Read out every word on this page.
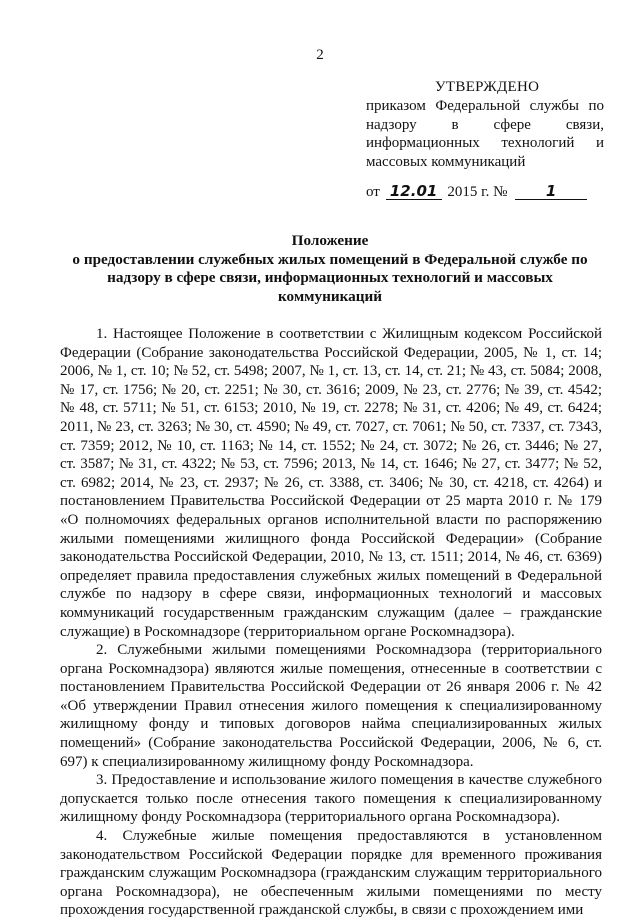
2
УТВЕРЖДЕНО
приказом Федеральной службы по надзору в сфере связи, информационных технологий и массовых коммуникаций
от 12.01 2015 г. №	1
Положение
о предоставлении служебных жилых помещений в Федеральной службе по
надзору в сфере связи, информационных технологий и массовых
коммуникаций

1. Настоящее Положение в соответствии с Жилищным кодексом Российской Федерации (Собрание законодательства Российской Федерации, 2005, № 1, ст. 14; 2006, № 1, ст. 10; № 52, ст. 5498; 2007, № 1, ст. 13, ст. 14, ст. 21; № 43, ст. 5084; 2008, № 17, ст. 1756; № 20, ст. 2251; № 30, ст. 3616; 2009, № 23, ст. 2776; № 39, ст. 4542; № 48, ст. 5711; № 51, ст. 6153; 2010, № 19, ст. 2278; № 31, ст. 4206; № 49, ст. 6424; 2011, № 23, ст. 3263; № 30, ст. 4590; № 49, ст. 7027, ст. 7061; № 50, ст. 7337, ст. 7343, ст. 7359; 2012, № 10, ст. 1163; № 14, ст. 1552; № 24, ст. 3072; № 26, ст. 3446; № 27, ст. 3587; № 31, ст. 4322; № 53, ст. 7596; 2013, № 14, ст. 1646; № 27, ст. 3477; № 52, ст. 6982; 2014, № 23, ст. 2937; № 26, ст. 3388, ст. 3406; № 30, ст. 4218, ст. 4264) и постановлением Правительства Российской Федерации от 25 марта 2010 г. № 179 «О полномочиях федеральных органов исполнительной власти по распоряжению жилыми помещениями жилищного фонда Российской Федерации» (Собрание законодательства Российской Федерации, 2010, № 13, ст. 1511; 2014, № 46, ст. 6369) определяет правила предоставления служебных жилых помещений в Федеральной службе по надзору в сфере связи, информационных технологий и массовых коммуникаций государственным гражданским служащим (далее – гражданские служащие) в Роскомнадзоре (территориальном органе Роскомнадзора).

2. Служебными жилыми помещениями Роскомнадзора (территориального органа Роскомнадзора) являются жилые помещения, отнесенные в соответствии с постановлением Правительства Российской Федерации от 26 января 2006 г. № 42 «Об утверждении Правил отнесения жилого помещения к специализированному жилищному фонду и типовых договоров найма специализированных жилых помещений» (Собрание законодательства Российской Федерации, 2006, № 6, ст. 697) к специализированному жилищному фонду Роскомнадзора.

3. Предоставление и использование жилого помещения в качестве служебного допускается только после отнесения такого помещения к специализированному жилищному фонду Роскомнадзора (территориального органа Роскомнадзора).

4. Служебные жилые помещения предоставляются в установленном законодательством Российской Федерации порядке для временного проживания гражданским служащим Роскомнадзора (гражданским служащим территориального органа Роскомнадзора), не обеспеченным жилыми помещениями по месту прохождения государственной гражданской службы, в связи с прохождением ими
